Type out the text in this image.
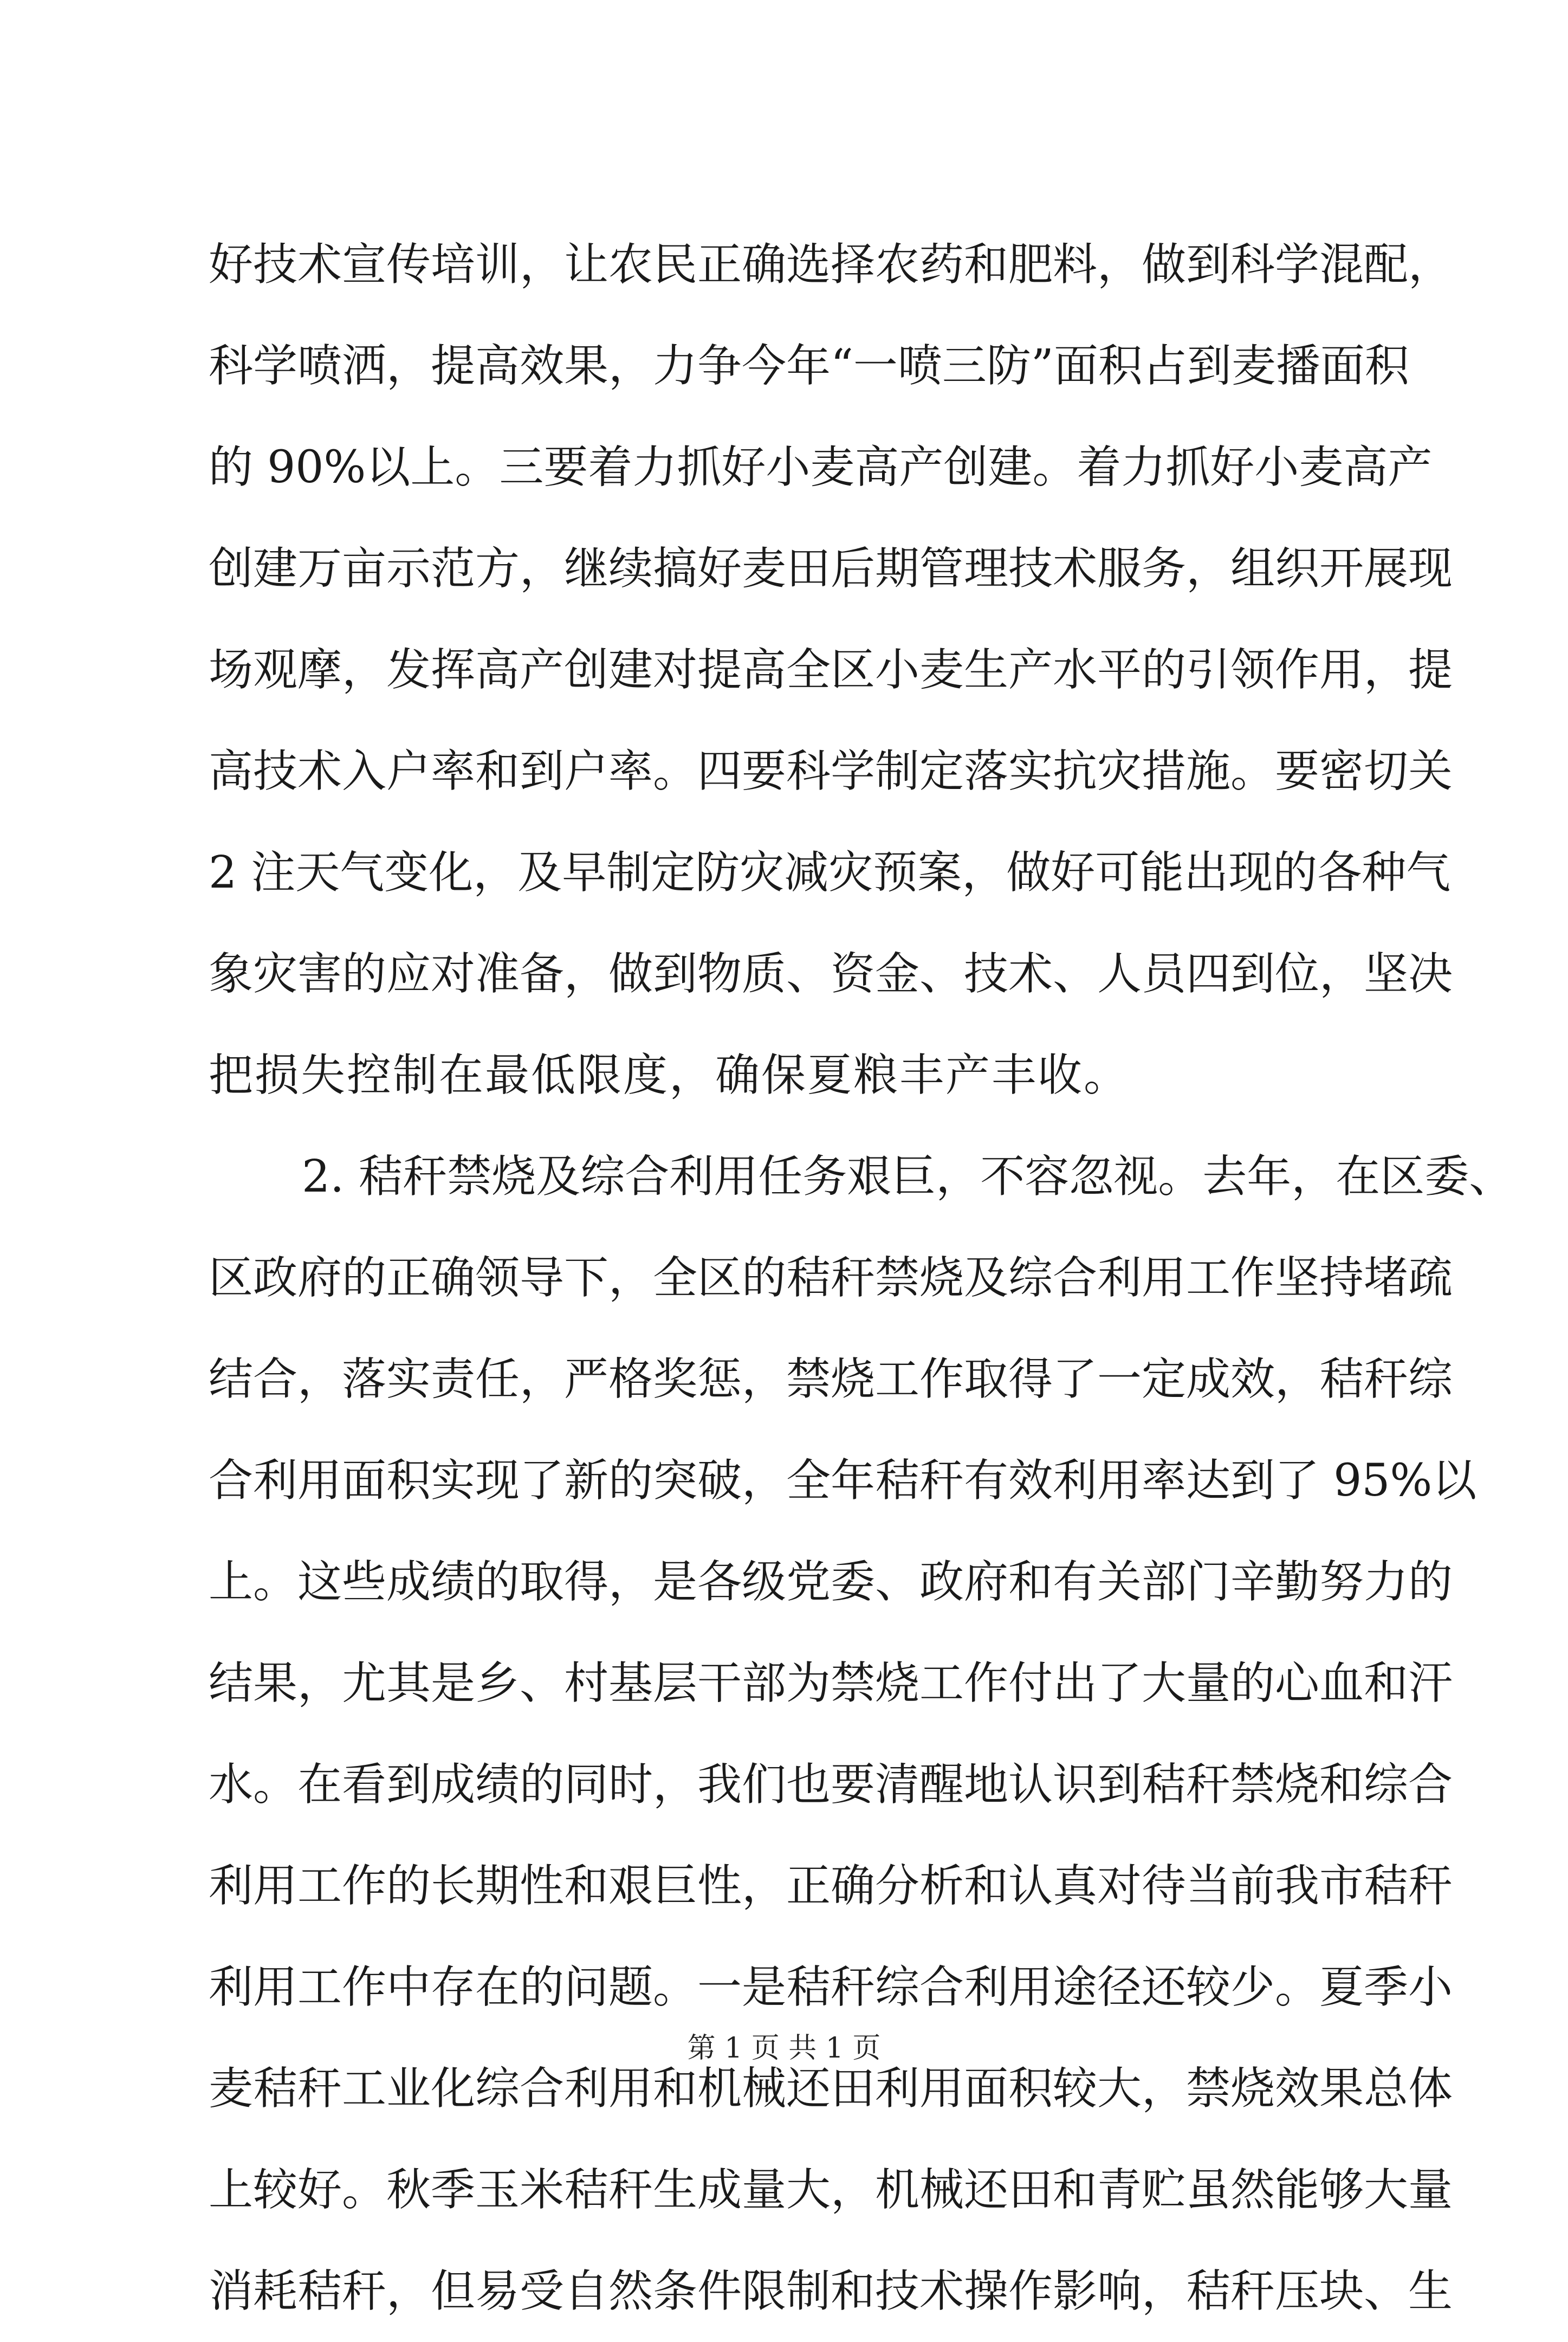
好技术宣传培训，让农民正确选择农药和肥料，做到科学混配，
科学喷洒，提高效果，力争今年“一喷三防”面积占到麦播面积
的 90%以上。三要着力抓好小麦高产创建。着力抓好小麦高产
创建万亩示范方，继续搞好麦田后期管理技术服务，组织开展现
场观摩，发挥高产创建对提高全区小麦生产水平的引领作用，提
高技术入户率和到户率。四要科学制定落实抗灾措施。要密切关
2 注天气变化，及早制定防灾减灾预案，做好可能出现的各种气
象灾害的应对准备，做到物质、资金、技术、人员四到位，坚决
把损失控制在最低限度，确保夏粮丰产丰收。
2. 秸秆禁烧及综合利用任务艰巨，不容忽视。去年，在区委、
区政府的正确领导下，全区的秸秆禁烧及综合利用工作坚持堵疏
结合，落实责任，严格奖惩，禁烧工作取得了一定成效，秸秆综
合利用面积实现了新的突破，全年秸秆有效利用率达到了 95%以
上。这些成绩的取得，是各级党委、政府和有关部门辛勤努力的
结果，尤其是乡、村基层干部为禁烧工作付出了大量的心血和汗
水。在看到成绩的同时，我们也要清醒地认识到秸秆禁烧和综合
利用工作的长期性和艰巨性，正确分析和认真对待当前我市秸秆
利用工作中存在的问题。一是秸秆综合利用途径还较少。夏季小
麦秸秆工业化综合利用和机械还田利用面积较大，禁烧效果总体
上较好。秋季玉米秸秆生成量大，机械还田和青贮虽然能够大量
消耗秸秆，但易受自然条件限制和技术操作影响，秸秆压块、生
第 1 页 共 1 页
